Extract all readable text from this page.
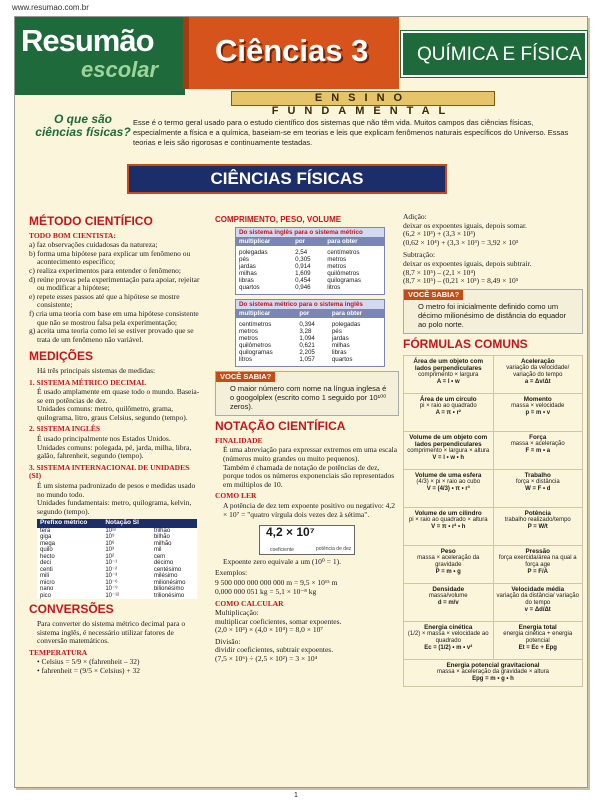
www.resumao.com.br
Resumão
escolar
Ciências 3	QUÍMICA E FÍSICA
ENSINO FUNDAMENTAL
O que são ciências físicas?
Esse é o termo geral usado para o estudo científico dos sistemas que não têm vida. Muitos campos das ciências físicas, especialmente a física e a química, baseiam-se em teorias e leis que explicam fenômenos naturais específicos do Universo. Essas teorias e leis são rigorosas e continuamente testadas.
CIÊNCIAS FÍSICAS
MÉTODO CIENTÍFICO
TODO BOM CIENTISTA:
a) faz observações cuidadosas da natureza;
b) forma uma hipótese para explicar um fenômeno ou acontecimento específico;
c) realiza experimentos para entender o fenômeno;
d) reúne provas pela experimentação para apoiar, rejeitar ou modificar a hipótese;
e) repete esses passos até que a hipótese se mostre consistente;
f) cria uma teoria com base em uma hipótese consistente que não se mostrou falsa pela experimentação;
g) aceita uma teoria como lei se estiver provado que se trata de um fenômeno não variável.
MEDIÇÕES
Há três principais sistemas de medidas:
1. SISTEMA MÉTRICO DECIMAL
É usado amplamente em quase todo o mundo. Baseia-se em potências de dez.
Unidades comuns: metro, quilômetro, grama, quilograma, litro, graus Celsius, segundo (tempo).
2. SISTEMA INGLÊS
É usado principalmente nos Estados Unidos.
Unidades comuns: polegada, pé, jarda, milha, libra, galão, fahrenheit, segundo (tempo).
3. SISTEMA INTERNACIONAL DE UNIDADES (SI)
É um sistema padronizado de pesos e medidas usado no mundo todo.
Unidades fundamentais: metro, quilograma, kelvin, segundo (tempo).
Prefixo métrico	Notação SI	
tera	10¹²	trilhão
giga	10⁹	bilhão
mega	10⁶	milhão
quilo	10³	mil
hecto	10²	cem
deci	10⁻¹	décimo
centi	10⁻²	centésimo
mili	10⁻³	milésimo
micro	10⁻⁶	milionésimo
nano	10⁻⁹	bilionésimo
pico	10⁻¹²	trilionésimo
CONVERSÕES
Para converter do sistema métrico decimal para o sistema inglês, é necessário utilizar fatores de conversão matemáticos.
TEMPERATURA
• Celsius = 5/9 × (fahrenheit – 32)
• fahrenheit = (9/5 × Celsius) + 32
COMPRIMENTO, PESO, VOLUME
Do sistema inglês para o sistema métrico		
multiplicar	por	para obter
polegadas	2,54	centímetros
pés	0,305	metros
jardas	0,914	metros
milhas	1,609	quilômetros
libras	0,454	quilogramas
quartos	0,946	litros
Do sistema métrico para o sistema inglês		
multiplicar	por	para obter
centímetros	0,394	polegadas
metros	3,28	pés
metros	1,094	jardas
quilômetros	0,621	milhas
quilogramas	2,205	libras
litros	1,057	quartos
VOCÊ SABIA?
O maior número com nome na língua inglesa é o googolplex (escrito como 1 seguido por 10¹⁰⁰ zeros).
NOTAÇÃO CIENTÍFICA
FINALIDADE
É uma abreviação para expressar extremos em uma escala (números muito grandes ou muito pequenos).
Também é chamada de notação de potências de dez, porque todos os números exponenciais são representados em múltiplos de 10.
COMO LER
A potência de dez tem expoente positivo ou negativo: 4,2 × 10⁷ = "quatro vírgula dois vezes dez à sétima".
4,2 × 10⁷
coeficiente	potência de dez
Expoente zero equivale a um (10⁰ = 1).
Exemplos:
9 500 000 000 000 000 m = 9,5 × 10¹⁵ m
0,000 000 051 kg = 5,1 × 10⁻⁸ kg
COMO CALCULAR
Multiplicação:
multiplicar coeficientes, somar expoentes.
(2,0 × 10³) × (4,0 × 10⁴) = 8,0 × 10⁷
Divisão:
dividir coeficientes, subtrair expoentes.
(7,5 × 10⁶) ÷ (2,5 × 10²) = 3 × 10⁴
Adição:
deixar os expoentes iguais, depois somar.
(6,2 × 10³) + (3,3 × 10³)
(0,62 × 10⁴) + (3,3 × 10³) = 3,92 × 10³
Subtração:
deixar os expoentes iguais, depois subtrair.
(8,7 × 10⁵) – (2,1 × 10⁴)
(8,7 × 10⁵) – (0,21 × 10⁵) = 8,49 × 10⁵
VOCÊ SABIA?
O metro foi inicialmente definido como um décimo milionésimo de distância do equador ao polo norte.
FÓRMULAS COMUNS
Área de um objeto com lados perpendiculares
comprimento × largura
A = l • w
Aceleração
variação da velocidade/ variação do tempo
a = Δv/Δt
Área de um círculo
pi × raio ao quadrado
A = π • r²
Momento
massa × velocidade
p = m • v
Volume de um objeto com lados perpendiculares
comprimento × largura × altura
V = l • w • h
Força
massa × aceleração
F = m • a
Volume de uma esfera
(4/3) × pi × raio ao cubo
V = (4/3) • π • r³
Trabalho
força × distância
W = F • d
Volume de um cilindro
pi × raio ao quadrado × altura
V = π • r² • h
Potência
trabalho realizado/tempo
P = W/t
Peso
massa × aceleração da gravidade
P = m • g
Pressão
força exercida/área na qual a força age
P = F/A
Densidade
massa/volume
d = m/v
Velocidade média
variação da distância/ variação do tempo
v = Δd/Δt
Energia cinética
(1/2) × massa × velocidade ao quadrado
Ec = (1/2) • m • v²
Energia total
energia cinética + energia potencial
Et = Ec + Epg
Energia potencial gravitacional
massa × aceleração da gravidade × altura
Epg = m • g • h
1
